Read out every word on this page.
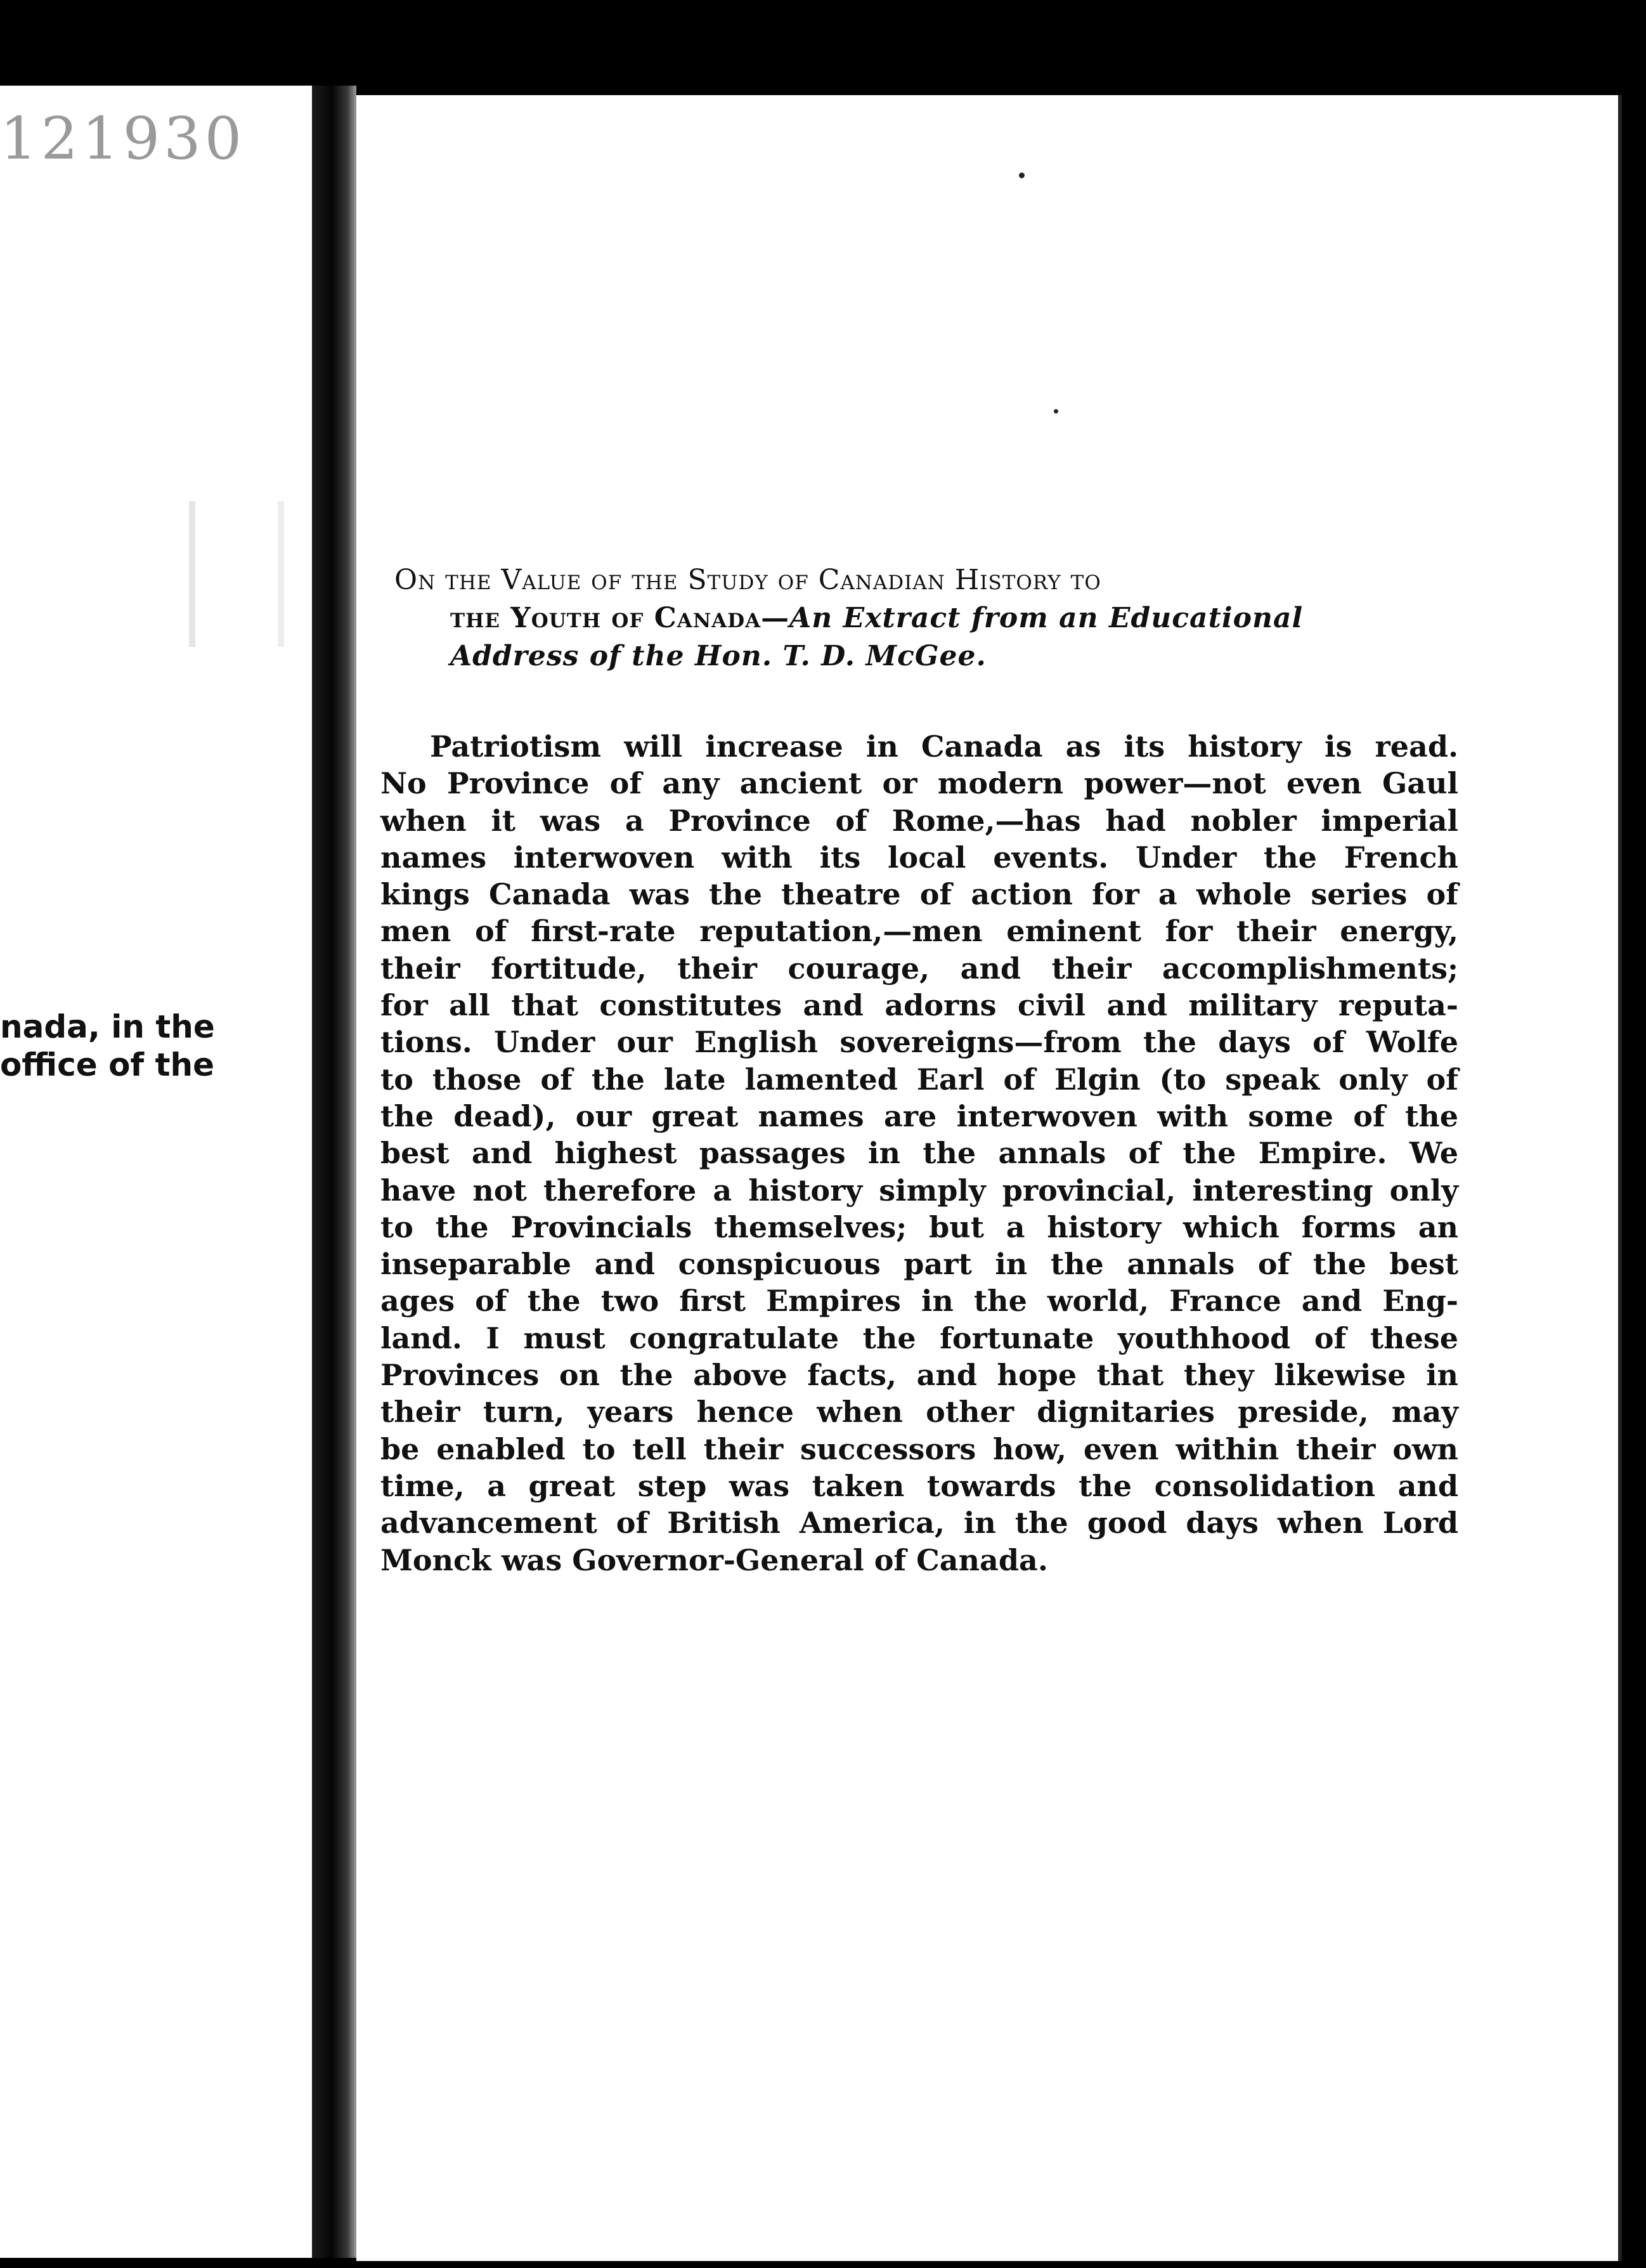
121930
nada, in the
office of the
On the Value of the Study of Canadian History to
the Youth of Canada—An Extract from an Educational
Address of the Hon. T. D. McGee.
Patriotism will increase in Canada as its history is read.
No Province of any ancient or modern power—not even Gaul
when it was a Province of Rome,—has had nobler imperial
names interwoven with its local events. Under the French
kings Canada was the theatre of action for a whole series of
men of first-rate reputation,—men eminent for their energy,
their fortitude, their courage, and their accomplishments;
for all that constitutes and adorns civil and military reputa-
tions. Under our English sovereigns—from the days of Wolfe
to those of the late lamented Earl of Elgin (to speak only of
the dead), our great names are interwoven with some of the
best and highest passages in the annals of the Empire. We
have not therefore a history simply provincial, interesting only
to the Provincials themselves; but a history which forms an
inseparable and conspicuous part in the annals of the best
ages of the two first Empires in the world, France and Eng-
land. I must congratulate the fortunate youthhood of these
Provinces on the above facts, and hope that they likewise in
their turn, years hence when other dignitaries preside, may
be enabled to tell their successors how, even within their own
time, a great step was taken towards the consolidation and
advancement of British America, in the good days when Lord
Monck was Governor-General of Canada.
